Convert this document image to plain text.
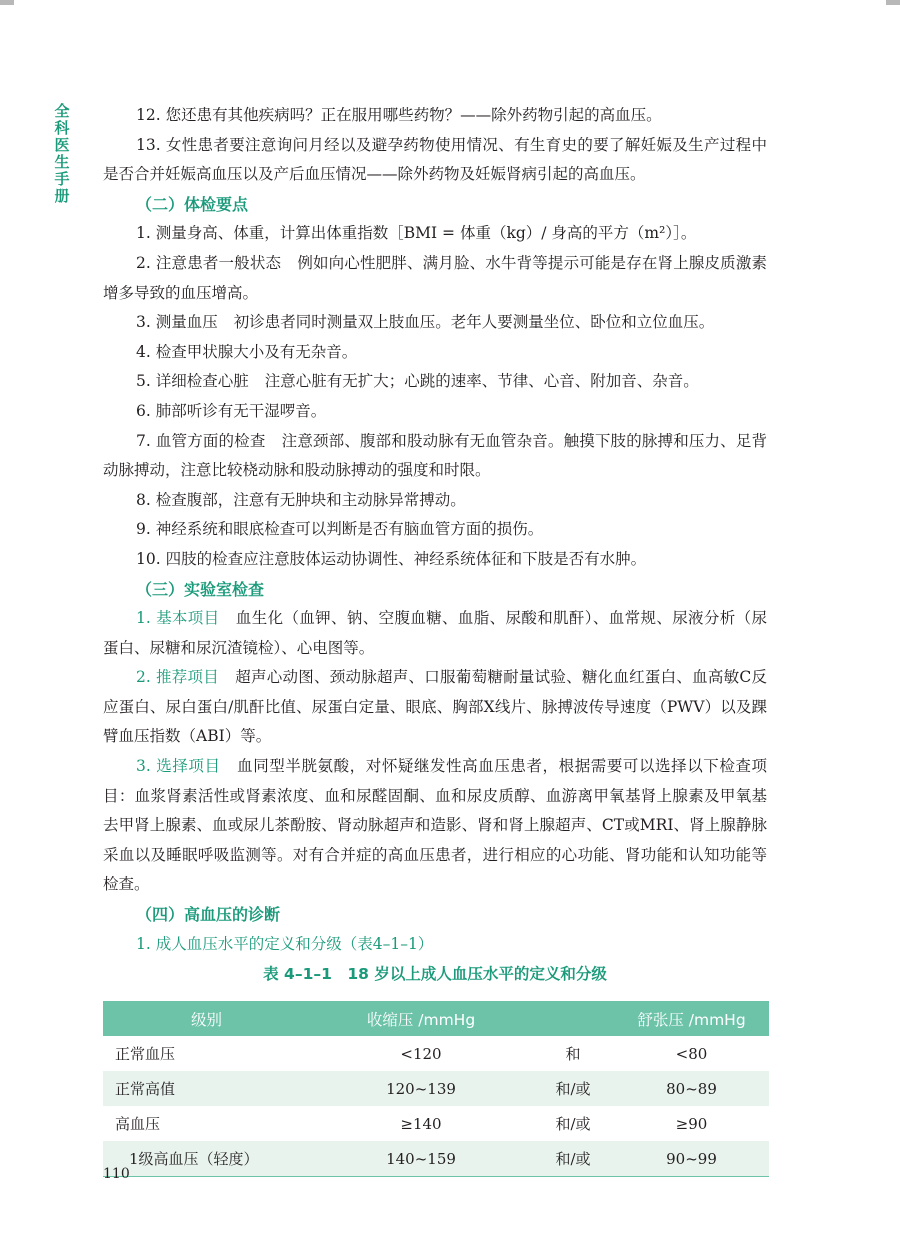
全
科
医
生
手
册

12. 您还患有其他疾病吗？正在服用哪些药物？——除外药物引起的高血压。

13. 女性患者要注意询问月经以及避孕药物使用情况、有生育史的要了解妊娠及生产过程中是否合并妊娠高血压以及产后血压情况——除外药物及妊娠肾病引起的高血压。

（二）体检要点

1. 测量身高、体重，计算出体重指数［BMI = 体重（kg）/ 身高的平方（m²）］。

2. 注意患者一般状态 例如向心性肥胖、满月脸、水牛背等提示可能是存在肾上腺皮质激素增多导致的血压增高。

3. 测量血压 初诊患者同时测量双上肢血压。老年人要测量坐位、卧位和立位血压。

4. 检查甲状腺大小及有无杂音。

5. 详细检查心脏 注意心脏有无扩大；心跳的速率、节律、心音、附加音、杂音。

6. 肺部听诊有无干湿啰音。

7. 血管方面的检查 注意颈部、腹部和股动脉有无血管杂音。触摸下肢的脉搏和压力、足背动脉搏动，注意比较桡动脉和股动脉搏动的强度和时限。

8. 检查腹部，注意有无肿块和主动脉异常搏动。

9. 神经系统和眼底检查可以判断是否有脑血管方面的损伤。

10. 四肢的检查应注意肢体运动协调性、神经系统体征和下肢是否有水肿。

（三）实验室检查

1. 基本项目 血生化（血钾、钠、空腹血糖、血脂、尿酸和肌酐）、血常规、尿液分析（尿蛋白、尿糖和尿沉渣镜检）、心电图等。

2. 推荐项目 超声心动图、颈动脉超声、口服葡萄糖耐量试验、糖化血红蛋白、血高敏C反应蛋白、尿白蛋白/肌酐比值、尿蛋白定量、眼底、胸部X线片、脉搏波传导速度（PWV）以及踝臂血压指数（ABI）等。

3. 选择项目 血同型半胱氨酸，对怀疑继发性高血压患者，根据需要可以选择以下检查项目：血浆肾素活性或肾素浓度、血和尿醛固酮、血和尿皮质醇、血游离甲氧基肾上腺素及甲氧基去甲肾上腺素、血或尿儿茶酚胺、肾动脉超声和造影、肾和肾上腺超声、CT或MRI、肾上腺静脉采血以及睡眠呼吸监测等。对有合并症的高血压患者，进行相应的心功能、肾功能和认知功能等检查。

（四）高血压的诊断

1. 成人血压水平的定义和分级（表4–1–1）

表 4–1–1　18 岁以上成人血压水平的定义和分级
级别	收缩压 /mmHg		舒张压 /mmHg
正常血压	<120	和	<80
正常高值	120~139	和/或	80~89
高血压	≥140	和/或	≥90
1级高血压（轻度）	140~159	和/或	90~99
110
